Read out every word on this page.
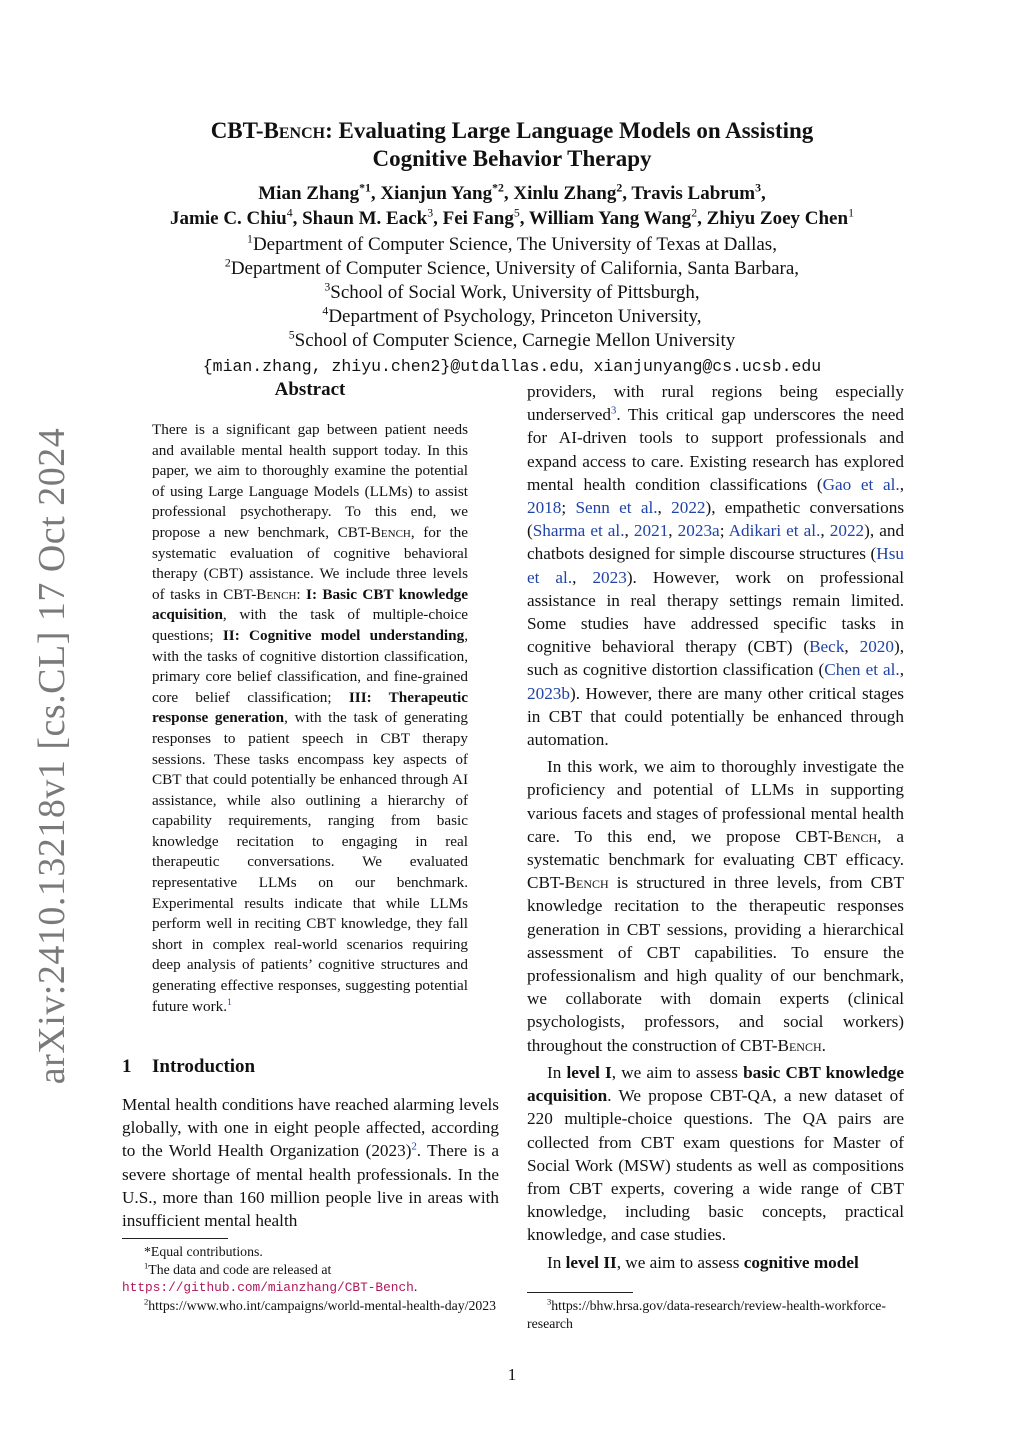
arXiv:2410.13218v1 [cs.CL] 17 Oct 2024
CBT-Bench: Evaluating Large Language Models on Assisting
Cognitive Behavior Therapy
Mian Zhang$^{*1}$, Xianjun Yang$^{*2}$, Xinlu Zhang$^2$, Travis Labrum$^3$,
Jamie C. Chiu$^4$, Shaun M. Eack$^3$, Fei Fang$^5$, William Yang Wang$^2$, Zhiyu Zoey Chen$^1$
$^1$Department of Computer Science, The University of Texas at Dallas,
$^2$Department of Computer Science, University of California, Santa Barbara,
$^3$School of Social Work, University of Pittsburgh,
$^4$Department of Psychology, Princeton University,
$^5$School of Computer Science, Carnegie Mellon University
{mian.zhang, zhiyu.chen2}@utdallas.edu, xianjunyang@cs.ucsb.edu
Abstract
There is a significant gap between patient needs and available mental health support today. In this paper, we aim to thoroughly examine the potential of using Large Language Models (LLMs) to assist professional psychotherapy. To this end, we propose a new benchmark, CBT-Bench, for the systematic evaluation of cognitive behavioral therapy (CBT) assistance. We include three levels of tasks in CBT-Bench: I: Basic CBT knowledge acquisition, with the task of multiple-choice questions; II: Cognitive model understanding, with the tasks of cognitive distortion classification, primary core belief classification, and fine-grained core belief classification; III: Therapeutic response generation, with the task of generating responses to patient speech in CBT therapy sessions. These tasks encompass key aspects of CBT that could potentially be enhanced through AI assistance, while also outlining a hierarchy of capability requirements, ranging from basic knowledge recitation to engaging in real therapeutic conversations. We evaluated representative LLMs on our benchmark. Experimental results indicate that while LLMs perform well in reciting CBT knowledge, they fall short in complex real-world scenarios requiring deep analysis of patients’ cognitive structures and generating effective responses, suggesting potential future work.$^1$
1 Introduction
Mental health conditions have reached alarming levels globally, with one in eight people affected, according to the World Health Organization (2023)$^2$. There is a severe shortage of mental health professionals. In the U.S., more than 160 million people live in areas with insufficient mental health

*Equal contributions.

$^1$The data and code are released at https://github.com/mianzhang/CBT-Bench.

$^2$https://www.who.int/campaigns/world-mental-health-day/2023

providers, with rural regions being especially underserved$^3$. This critical gap underscores the need for AI-driven tools to support professionals and expand access to care. Existing research has explored mental health condition classifications (Gao et al., 2018; Senn et al., 2022), empathetic conversations (Sharma et al., 2021, 2023a; Adikari et al., 2022), and chatbots designed for simple discourse structures (Hsu et al., 2023). However, work on professional assistance in real therapy settings remain limited. Some studies have addressed specific tasks in cognitive behavioral therapy (CBT) (Beck, 2020), such as cognitive distortion classification (Chen et al., 2023b). However, there are many other critical stages in CBT that could potentially be enhanced through automation.

In this work, we aim to thoroughly investigate the proficiency and potential of LLMs in supporting various facets and stages of professional mental health care. To this end, we propose CBT-Bench, a systematic benchmark for evaluating CBT efficacy. CBT-Bench is structured in three levels, from CBT knowledge recitation to the therapeutic responses generation in CBT sessions, providing a hierarchical assessment of CBT capabilities. To ensure the professionalism and high quality of our benchmark, we collaborate with domain experts (clinical psychologists, professors, and social workers) throughout the construction of CBT-Bench.

In level I, we aim to assess basic CBT knowledge acquisition. We propose CBT-QA, a new dataset of 220 multiple-choice questions. The QA pairs are collected from CBT exam questions for Master of Social Work (MSW) students as well as compositions from CBT experts, covering a wide range of CBT knowledge, including basic concepts, practical knowledge, and case studies.

In level II, we aim to assess cognitive model

$^3$https://bhw.hrsa.gov/data-research/review-health-workforce-research

1
